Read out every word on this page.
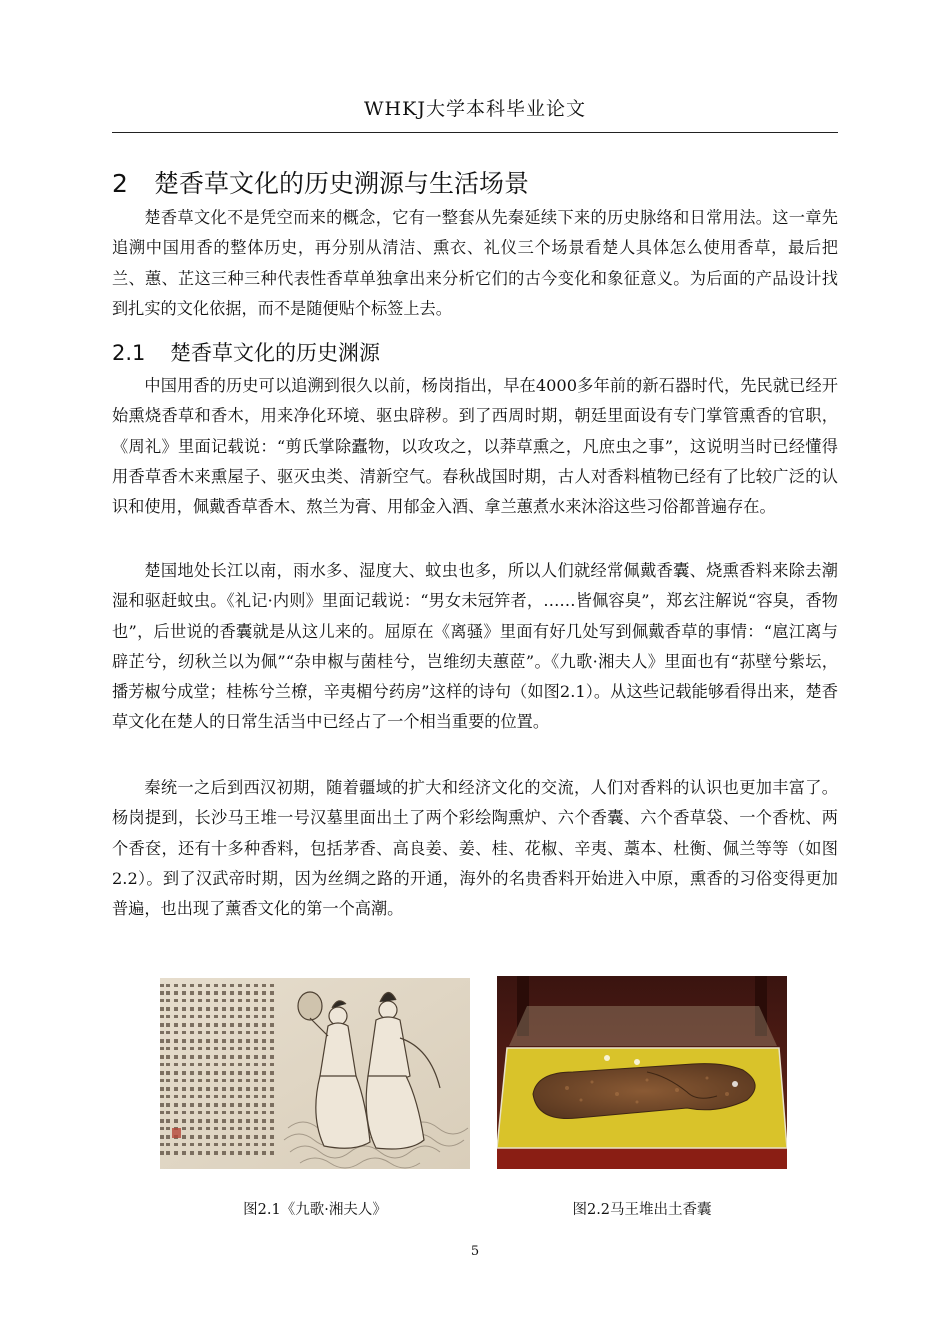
WHKJ大学本科毕业论文
2 楚香草文化的历史溯源与生活场景

楚香草文化不是凭空而来的概念，它有一整套从先秦延续下来的历史脉络和日常用法。这一章先追溯中国用香的整体历史，再分别从清洁、熏衣、礼仪三个场景看楚人具体怎么使用香草，最后把兰、蕙、芷这三种三种代表性香草单独拿出来分析它们的古今变化和象征意义。为后面的产品设计找到扎实的文化依据，而不是随便贴个标签上去。

2.1 楚香草文化的历史渊源

中国用香的历史可以追溯到很久以前，杨岗指出，早在4000多年前的新石器时代，先民就已经开始熏烧香草和香木，用来净化环境、驱虫辟秽。到了西周时期，朝廷里面设有专门掌管熏香的官职，《周礼》里面记载说：“剪氏掌除蠹物，以攻攻之，以莽草熏之，凡庶虫之事”，这说明当时已经懂得用香草香木来熏屋子、驱灭虫类、清新空气。春秋战国时期，古人对香料植物已经有了比较广泛的认识和使用，佩戴香草香木、熬兰为膏、用郁金入酒、拿兰蕙煮水来沐浴这些习俗都普遍存在。

楚国地处长江以南，雨水多、湿度大、蚊虫也多，所以人们就经常佩戴香囊、烧熏香料来除去潮湿和驱赶蚊虫。《礼记·内则》里面记载说：“男女未冠笄者，……皆佩容臭”，郑玄注解说“容臭，香物也”，后世说的香囊就是从这儿来的。屈原在《离骚》里面有好几处写到佩戴香草的事情：“扈江离与辟芷兮，纫秋兰以为佩”“杂申椒与菌桂兮，岂维纫夫蕙茝”。《九歌·湘夫人》里面也有“荪壁兮紫坛，播芳椒兮成堂；桂栋兮兰橑，辛夷楣兮药房”这样的诗句（如图2.1）。从这些记载能够看得出来，楚香草文化在楚人的日常生活当中已经占了一个相当重要的位置。

秦统一之后到西汉初期，随着疆域的扩大和经济文化的交流，人们对香料的认识也更加丰富了。杨岗提到，长沙马王堆一号汉墓里面出土了两个彩绘陶熏炉、六个香囊、六个香草袋、一个香枕、两个香奁，还有十多种香料，包括茅香、高良姜、姜、桂、花椒、辛夷、藁本、杜衡、佩兰等等（如图2.2）。到了汉武帝时期，因为丝绸之路的开通，海外的名贵香料开始进入中原，熏香的习俗变得更加普遍，也出现了薰香文化的第一个高潮。

图2.1《九歌·湘夫人》	图2.2马王堆出土香囊
5
